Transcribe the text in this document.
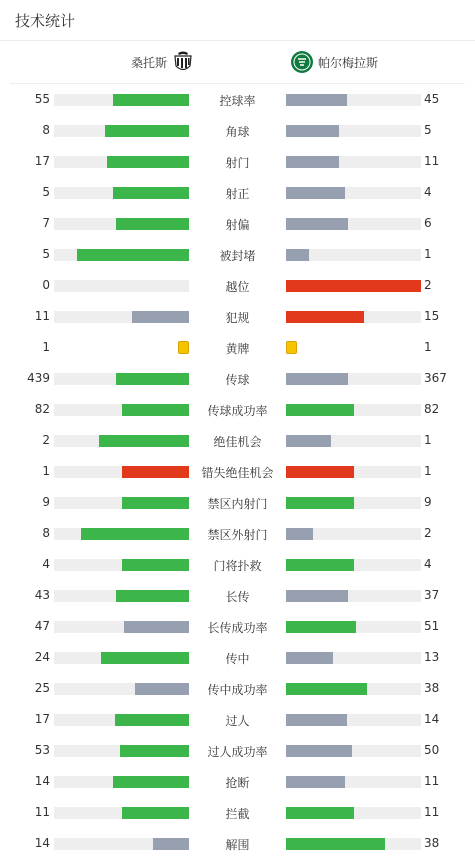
技术统计
桑托斯	帕尔梅拉斯
55	控球率	45
8	角球	5
17	射门	11
5	射正	4
7	射偏	6
5	被封堵	1
0	越位	2
11	犯规	15
1	黄牌	1
439	传球	367
82	传球成功率	82
2	绝佳机会	1
1	错失绝佳机会	1
9	禁区内射门	9
8	禁区外射门	2
4	门将扑救	4
43	长传	37
47	长传成功率	51
24	传中	13
25	传中成功率	38
17	过人	14
53	过人成功率	50
14	抢断	11
11	拦截	11
14	解围	38
